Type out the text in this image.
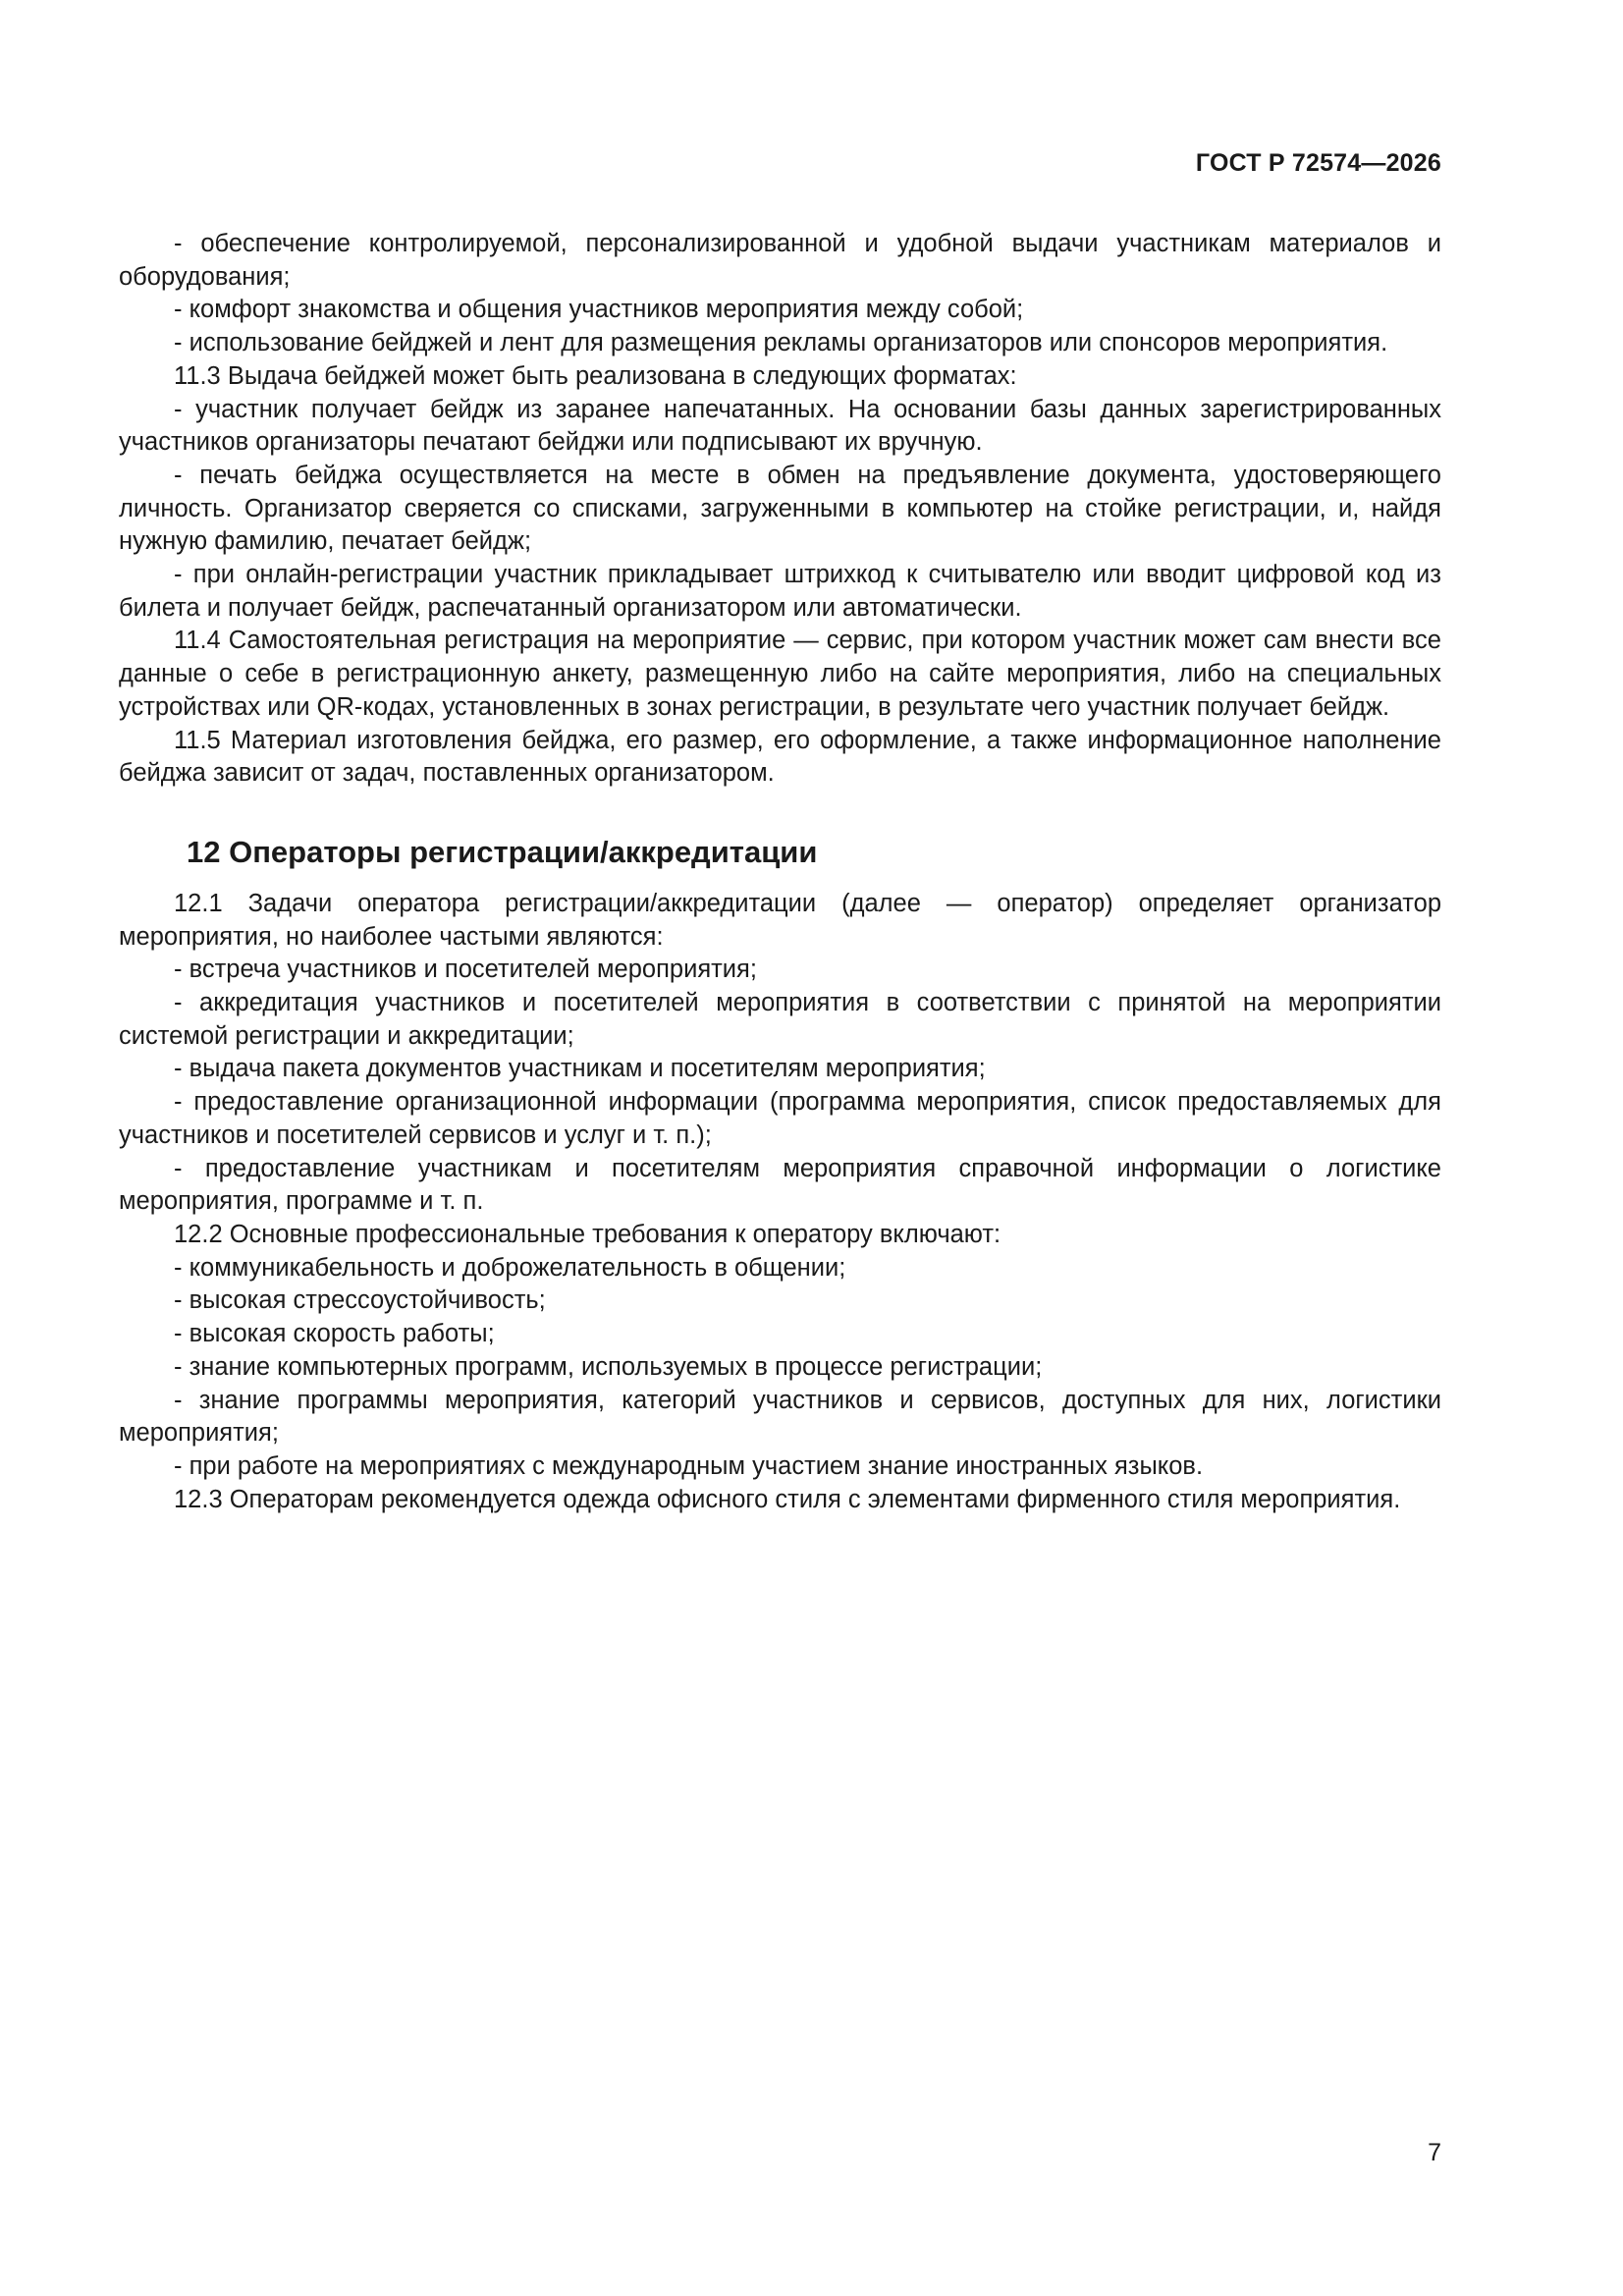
ГОСТ Р 72574—2026

- обеспечение контролируемой, персонализированной и удобной выдачи участникам материалов и оборудования;

- комфорт знакомства и общения участников мероприятия между собой;

- использование бейджей и лент для размещения рекламы организаторов или спонсоров мероприятия.

11.3 Выдача бейджей может быть реализована в следующих форматах:

- участник получает бейдж из заранее напечатанных. На основании базы данных зарегистрированных участников организаторы печатают бейджи или подписывают их вручную.

- печать бейджа осуществляется на месте в обмен на предъявление документа, удостоверяющего личность. Организатор сверяется со списками, загруженными в компьютер на стойке регистрации, и, найдя нужную фамилию, печатает бейдж;

- при онлайн-регистрации участник прикладывает штрихкод к считывателю или вводит цифровой код из билета и получает бейдж, распечатанный организатором или автоматически.

11.4 Самостоятельная регистрация на мероприятие — сервис, при котором участник может сам внести все данные о себе в регистрационную анкету, размещенную либо на сайте мероприятия, либо на специальных устройствах или QR-кодах, установленных в зонах регистрации, в результате чего участник получает бейдж.

11.5 Материал изготовления бейджа, его размер, его оформление, а также информационное наполнение бейджа зависит от задач, поставленных организатором.

12 Операторы регистрации/аккредитации

12.1 Задачи оператора регистрации/аккредитации (далее — оператор) определяет организатор мероприятия, но наиболее частыми являются:

- встреча участников и посетителей мероприятия;

- аккредитация участников и посетителей мероприятия в соответствии с принятой на мероприятии системой регистрации и аккредитации;

- выдача пакета документов участникам и посетителям мероприятия;

- предоставление организационной информации (программа мероприятия, список предоставляемых для участников и посетителей сервисов и услуг и т. п.);

- предоставление участникам и посетителям мероприятия справочной информации о логистике мероприятия, программе и т. п.

12.2 Основные профессиональные требования к оператору включают:

- коммуникабельность и доброжелательность в общении;

- высокая стрессоустойчивость;

- высокая скорость работы;

- знание компьютерных программ, используемых в процессе регистрации;

- знание программы мероприятия, категорий участников и сервисов, доступных для них, логистики мероприятия;

- при работе на мероприятиях с международным участием знание иностранных языков.

12.3 Операторам рекомендуется одежда офисного стиля с элементами фирменного стиля мероприятия.

7
